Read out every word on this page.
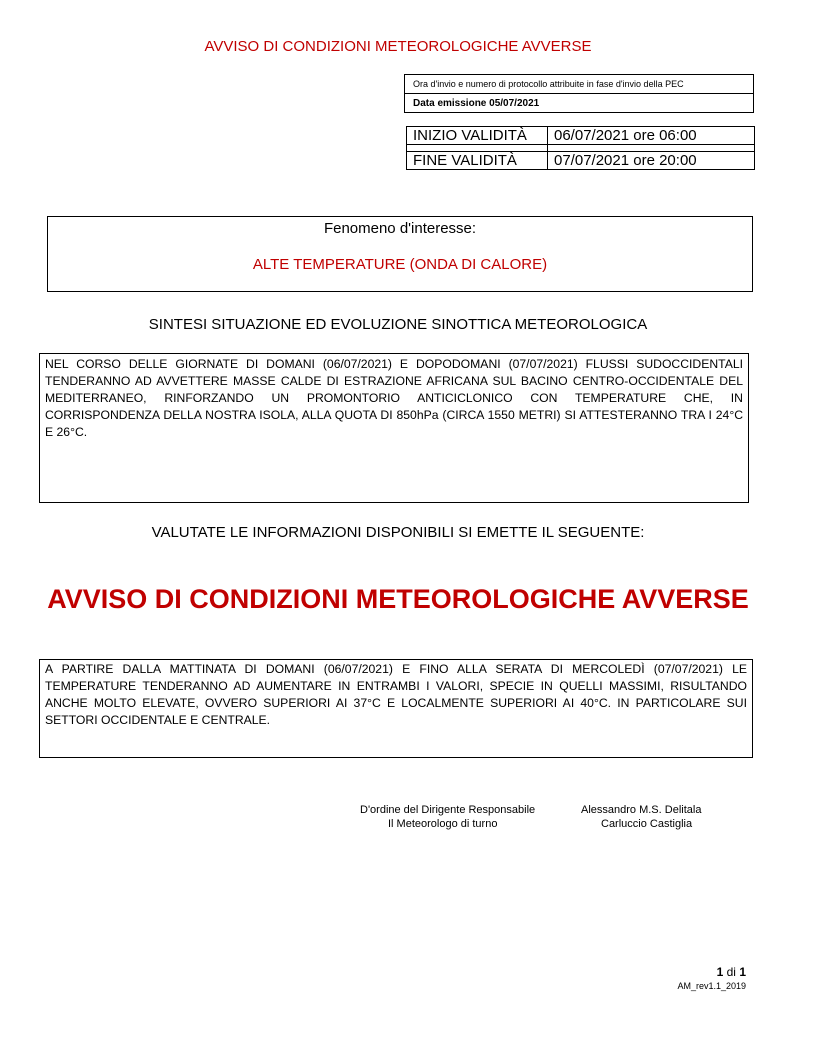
AVVISO DI CONDIZIONI METEOROLOGICHE AVVERSE
Ora d'invio e numero di protocollo attribuite in fase d'invio della PEC
Data emissione 05/07/2021
INIZIO VALIDITÀ	06/07/2021 ore 06:00

FINE VALIDITÀ	07/07/2021 ore 20:00
Fenomeno d'interesse:
ALTE TEMPERATURE (ONDA DI CALORE)
SINTESI SITUAZIONE ED EVOLUZIONE SINOTTICA METEOROLOGICA
NEL CORSO DELLE GIORNATE DI DOMANI (06/07/2021) E DOPODOMANI (07/07/2021) FLUSSI SUDOCCIDENTALI TENDERANNO AD AVVETTERE MASSE CALDE DI ESTRAZIONE AFRICANA SUL BACINO CENTRO-OCCIDENTALE DEL MEDITERRANEO, RINFORZANDO UN PROMONTORIO ANTICICLONICO CON TEMPERATURE CHE, IN CORRISPONDENZA DELLA NOSTRA ISOLA, ALLA QUOTA DI 850hPa (CIRCA 1550 METRI) SI ATTESTERANNO TRA I 24°C E 26°C.
VALUTATE LE INFORMAZIONI DISPONIBILI SI EMETTE IL SEGUENTE:
AVVISO DI CONDIZIONI METEOROLOGICHE AVVERSE
A PARTIRE DALLA MATTINATA DI DOMANI (06/07/2021) E FINO ALLA SERATA DI MERCOLEDÌ (07/07/2021) LE TEMPERATURE TENDERANNO AD AUMENTARE IN ENTRAMBI I VALORI, SPECIE IN QUELLI MASSIMI, RISULTANDO ANCHE MOLTO ELEVATE, OVVERO SUPERIORI AI 37°C E LOCALMENTE SUPERIORI AI 40°C. IN PARTICOLARE SUI SETTORI OCCIDENTALE E CENTRALE.
D'ordine del Dirigente Responsabile
Il Meteorologo di turno
Alessandro M.S. Delitala
Carluccio Castiglia
1 di 1
AM_rev1.1_2019
